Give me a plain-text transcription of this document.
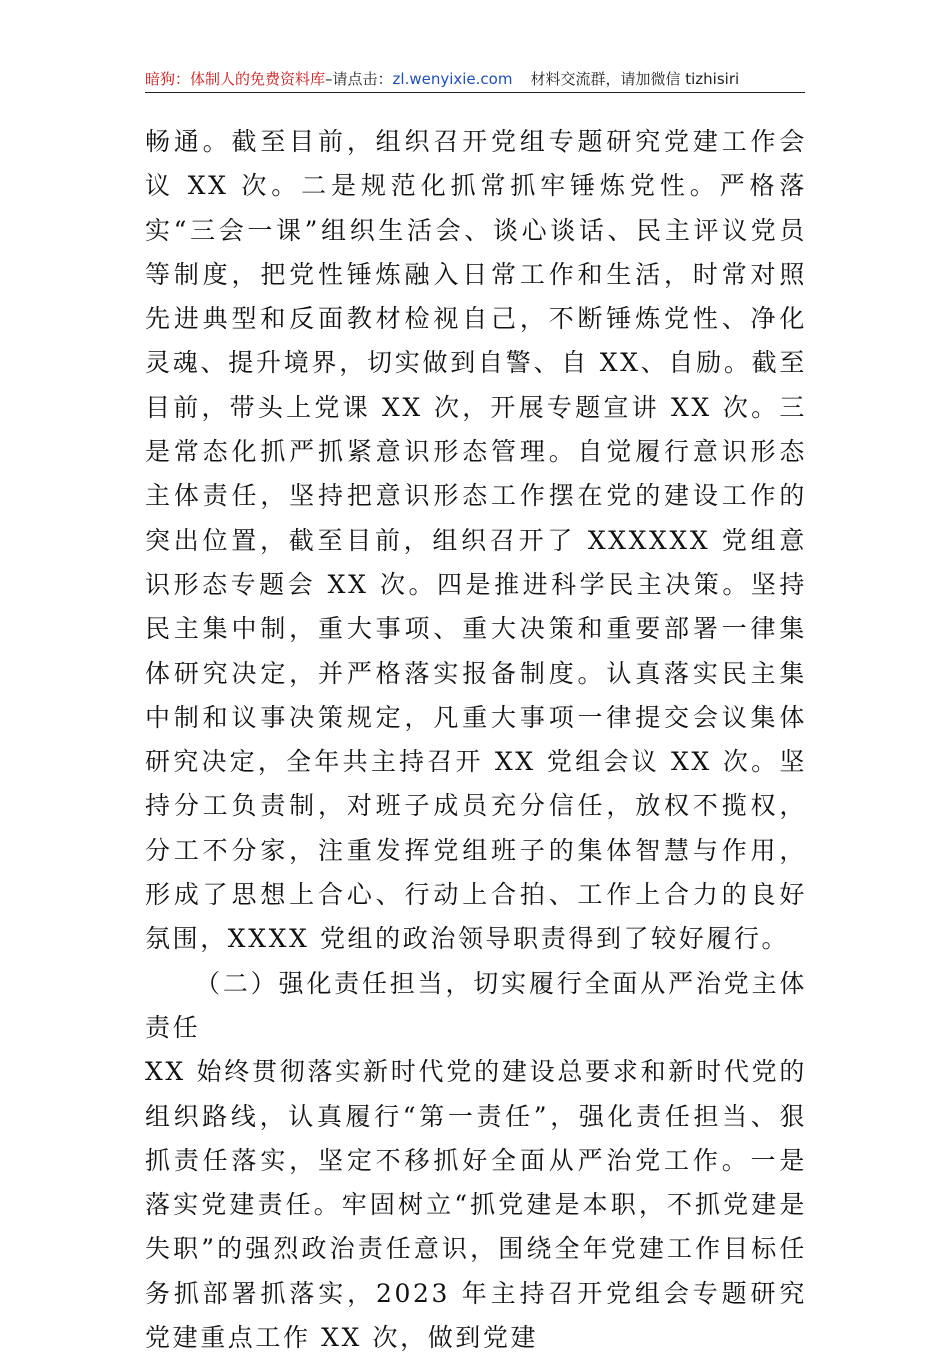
暗狗：体制人的免费资料库–请点击：zl.wenyixie.com 材料交流群，请加微信 tizhisiri

畅通。截至目前，组织召开党组专题研究党建工作会议 XX 次。二是规范化抓常抓牢锤炼党性。严格落实“三会一课”组织生活会、谈心谈话、民主评议党员等制度，把党性锤炼融入日常工作和生活，时常对照先进典型和反面教材检视自己，不断锤炼党性、净化灵魂、提升境界，切实做到自警、自 XX、自励。截至目前，带头上党课 XX 次，开展专题宣讲 XX 次。三是常态化抓严抓紧意识形态管理。自觉履行意识形态主体责任，坚持把意识形态工作摆在党的建设工作的突出位置，截至目前，组织召开了 XXXXXX 党组意识形态专题会 XX 次。四是推进科学民主决策。坚持民主集中制，重大事项、重大决策和重要部署一律集体研究决定，并严格落实报备制度。认真落实民主集中制和议事决策规定，凡重大事项一律提交会议集体研究决定，全年共主持召开 XX 党组会议 XX 次。坚持分工负责制，对班子成员充分信任，放权不揽权，分工不分家，注重发挥党组班子的集体智慧与作用，形成了思想上合心、行动上合拍、工作上合力的良好氛围，XXXX 党组的政治领导职责得到了较好履行。

（二）强化责任担当，切实履行全面从严治党主体责任

XX 始终贯彻落实新时代党的建设总要求和新时代党的组织路线，认真履行“第一责任”，强化责任担当、狠抓责任落实，坚定不移抓好全面从严治党工作。一是落实党建责任。牢固树立“抓党建是本职，不抓党建是失职”的强烈政治责任意识，围绕全年党建工作目标任务抓部署抓落实，2023 年主持召开党组会专题研究党建重点工作 XX 次，做到党建
